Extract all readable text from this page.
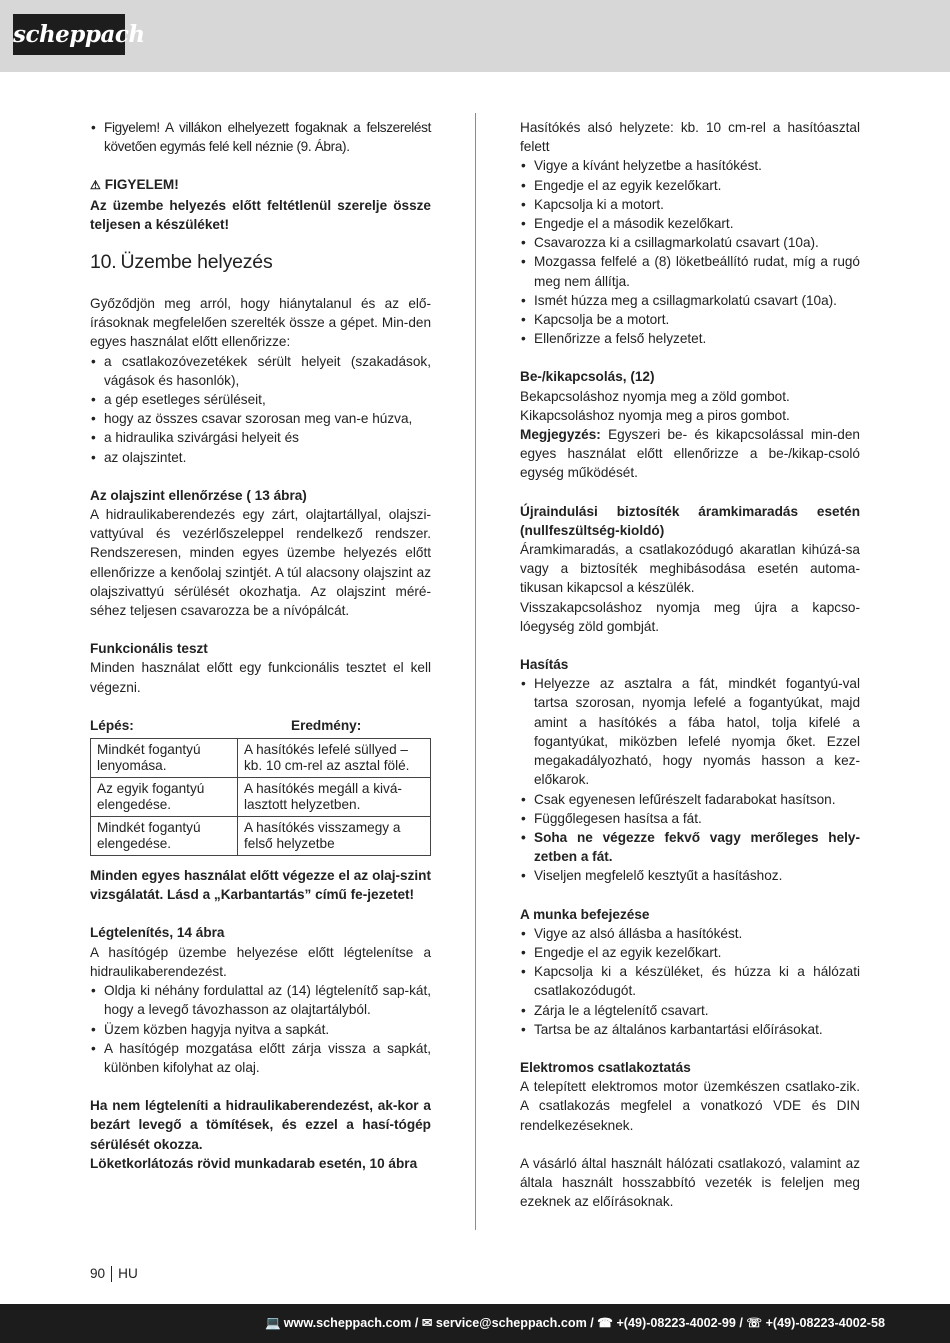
scheppach
• Figyelem! A villákon elhelyezett fogaknak a felszerelést követően egymás felé kell néznie (9. Ábra).
⚠ FIGYELEM!

Az üzembe helyezés előtt feltétlenül szerelje össze teljesen a készüléket!

10. Üzembe helyezés

Győződjön meg arról, hogy hiánytalanul és az elő-írásoknak megfelelően szerelték össze a gépet. Min-den egyes használat előtt ellenőrizze:

• a csatlakozóvezetékek sérült helyeit (szakadások, vágások és hasonlók),
• a gép esetleges sérüléseit,
• hogy az összes csavar szorosan meg van-e húzva,
• a hidraulika szivárgási helyeit és
• az olajszintet.

Az olajszint ellenőrzése ( 13 ábra)

A hidraulikaberendezés egy zárt, olajtartállyal, olajszi-vattyúval és vezérlőszeleppel rendelkező rendszer. Rendszeresen, minden egyes üzembe helyezés előtt ellenőrizze a kenőolaj szintjét. A túl alacsony olajszint az olajszivattyú sérülését okozhatja. Az olajszint méré-séhez teljesen csavarozza be a nívópálcát.

Funkcionális teszt

Minden használat előtt egy funkcionális tesztet el kell végezni.

Lépés:	Eredmény:
Mindkét fogantyú lenyomása.	A hasítókés lefelé süllyed – kb. 10 cm-rel az asztal fölé.
Az egyik fogantyú elengedése.	A hasítókés megáll a kivá-lasztott helyzetben.
Mindkét fogantyú elengedése.	A hasítókés visszamegy a felső helyzetbe

Minden egyes használat előtt végezze el az olaj-szint vizsgálatát. Lásd a „Karbantartás” című fe-jezetet!

Légtelenítés, 14 ábra

A hasítógép üzembe helyezése előtt légtelenítse a hidraulikaberendezést.

• Oldja ki néhány fordulattal az (14) légtelenítő sap-kát, hogy a levegő távozhasson az olajtartályból.
• Üzem közben hagyja nyitva a sapkát.
• A hasítógép mozgatása előtt zárja vissza a sapkát, különben kifolyhat az olaj.

Ha nem légteleníti a hidraulikaberendezést, ak-kor a bezárt levegő a tömítések, és ezzel a hasí-tógép sérülését okozza.

Löketkorlátozás rövid munkadarab esetén, 10 ábra

Hasítókés alsó helyzete: kb. 10 cm-rel a hasítóasztal felett

• Vigye a kívánt helyzetbe a hasítókést.
• Engedje el az egyik kezelőkart.
• Kapcsolja ki a motort.
• Engedje el a második kezelőkart.
• Csavarozza ki a csillagmarkolatú csavart (10a).
• Mozgassa felfelé a (8) löketbeállító rudat, míg a rugó meg nem állítja.
• Ismét húzza meg a csillagmarkolatú csavart (10a).
• Kapcsolja be a motort.
• Ellenőrizze a felső helyzetet.

Be-/kikapcsolás, (12)

Bekapcsoláshoz nyomja meg a zöld gombot.

Kikapcsoláshoz nyomja meg a piros gombot.

Megjegyzés: Egyszeri be- és kikapcsolással min-den egyes használat előtt ellenőrizze a be-/kikap-csoló egység működését.

Újraindulási biztosíték áramkimaradás esetén (nullfeszültség-kioldó)

Áramkimaradás, a csatlakozódugó akaratlan kihúzá-sa vagy a biztosíték meghibásodása esetén automa-tikusan kikapcsol a készülék.

Visszakapcsoláshoz nyomja meg újra a kapcso-lóegység zöld gombját.

Hasítás

• Helyezze az asztalra a fát, mindkét fogantyú-val tartsa szorosan, nyomja lefelé a fogantyúkat, majd amint a hasítókés a fába hatol, tolja kifelé a fogantyúkat, miközben lefelé nyomja őket. Ezzel megakadályozható, hogy nyomás hasson a kez-előkarok.
• Csak egyenesen lefűrészelt fadarabokat hasítson.
• Függőlegesen hasítsa a fát.
• Soha ne végezze fekvő vagy merőleges hely-zetben a fát.
• Viseljen megfelelő kesztyűt a hasításhoz.

A munka befejezése

• Vigye az alsó állásba a hasítókést.
• Engedje el az egyik kezelőkart.
• Kapcsolja ki a készüléket, és húzza ki a hálózati csatlakozódugót.
• Zárja le a légtelenítő csavart.
• Tartsa be az általános karbantartási előírásokat.

Elektromos csatlakoztatás

A telepített elektromos motor üzemkészen csatlako-zik. A csatlakozás megfelel a vonatkozó VDE és DIN rendelkezéseknek.

A vásárló által használt hálózati csatlakozó, valamint az általa használt hosszabbító vezeték is feleljen meg ezeknek az előírásoknak.

90 HU
💻 www.scheppach.com / ✉ service@scheppach.com / ☎ +(49)-08223-4002-99 / ☏ +(49)-08223-4002-58
